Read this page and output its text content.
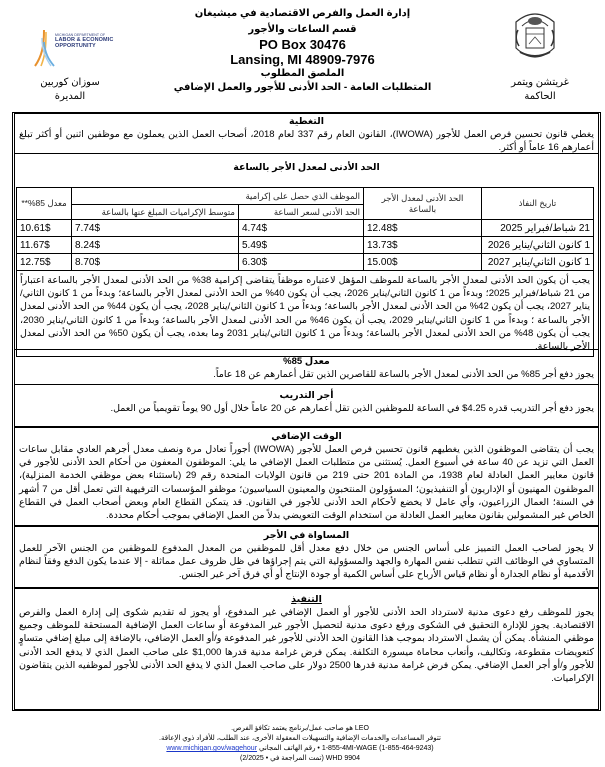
MICHIGAN DEPARTMENT OF
LABOR & ECONOMIC
OPPORTUNITY
سوزان كوربين
المديرة
إدارة العمل والفرص الاقتصادية في ميشيغان
قسم الساعات والأجور
PO Box 30476
Lansing, MI 48909-7976
الملصق المطلوب
المتطلبات العامة - الحد الأدنى للأجور والعمل الإضافي	غريتشن ويتمر
الحاكمة
التغطية
يغطي قانون تحسين فرص العمل للأجور (IWOWA)، القانون العام رقم 337 لعام 2018، أصحاب العمل الذين يعملون مع موظفين اثنين أو أكثر تبلغ أعمارهم 16 عاماً أو أكثر.
الحد الأدنى لمعدل الأجر بالساعة
تاريخ النفاذ	الحد الأدنى لمعدل الأجر بالساعة	الموظف الذي حصل على إكرامية		معدل 85%**
		الحد الأدنى لسعر الساعة	متوسط الإكراميات المبلغ عنها بالساعة	
21 شباط/فبراير 2025	12.48$	4.74$	7.74$	10.61$
1 كانون الثاني/يناير 2026	13.73$	5.49$	8.24$	11.67$
1 كانون الثاني/يناير 2027	15.00$	6.30$	8.70$	12.75$
يجب أن يكون الحد الأدنى لمعدل الأجر بالساعة للموظف المؤهل لاعتباره موظفاً يتقاضى إكرامية 38% من الحد الأدنى لمعدل الأجر بالساعة اعتباراً من 21 شباط/فبراير 2025؛ وبدءاً من 1 كانون الثاني/يناير 2026، يجب أن يكون 40% من الحد الأدنى لمعدل الأجر بالساعة؛ وبدءاً من 1 كانون الثاني/يناير 2027، يجب أن يكون 42% من الحد الأدنى لمعدل الأجر بالساعة؛ وبدءاً من 1 كانون الثاني/يناير 2028، يجب أن يكون 44% من الحد الأدنى لمعدل الأجر بالساعة ؛ وبدءاً من 1 كانون الثاني/يناير 2029، يجب أن يكون 46% من الحد الأدنى لمعدل الأجر بالساعة؛ وبدءاً من 1 كانون الثاني/يناير 2030، يجب أن يكون 48% من الحد الأدنى لمعدل الأجر بالساعة؛ وبدءاً من 1 كانون الثاني/يناير 2031 وما بعده، يجب أن يكون 50% من الحد الأدنى لمعدل الأجر بالساعة.				
معدل 85%
يجوز دفع أجر 85% من الحد الأدنى لمعدل الأجر بالساعة للقاصرين الذين تقل أعمارهم عن 18 عاماً.
أجر التدريب
يجوز دفع أجر التدريب قدره 4.25$ في الساعة للموظفين الذين تقل أعمارهم عن 20 عاماً خلال أول 90 يوماً تقويمياً من العمل.
الوقت الإضافي
يجب أن يتقاضى الموظفون الذين يغطيهم قانون تحسين فرص العمل للأجور (IWOWA) أجوراً تعادل مرة ونصف معدل أجرهم العادي مقابل ساعات العمل التي تزيد عن 40 ساعة في أسبوع العمل. يُستثنى من متطلبات العمل الإضافي ما يلي: الموظفون المعفون من أحكام الحد الأدنى للأجور في قانون معايير العمل العادلة لعام 1938، من المادة 201 حتى 219 من قانون الولايات المتحدة رقم 29 (باستثناء بعض موظفي الخدمة المنزلية)، الموظفون المهنيون أو الإداريون أو التنفيذيون؛ المسؤولون المنتخبون والمعينون السياسيون؛ موظفو المؤسسات الترفيهية التي تعمل أقل من 7 أشهر في السنة؛ العمال الزراعيون، وأي عامل لا يخضع لأحكام الحد الأدنى للأجور في القانون. قد يتمكن القطاع العام وبعض أصحاب العمل في القطاع الخاص غير المشمولين بقانون معايير العمل العادلة من استخدام الوقت التعويضي بدلاً من العمل الإضافي بموجب أحكام محددة.
المساواة في الأجر
لا يجوز لصاحب العمل التمييز على أساس الجنس من خلال دفع معدل أقل للموظفين من المعدل المدفوع للموظفين من الجنس الآخر للعمل المتساوي في الوظائف التي تتطلب نفس المهارة والجهد والمسؤولية التي يتم إجراؤها في ظل ظروف عمل مماثلة - إلا عندما يكون الدفع وفقاً لنظام الأقدمية أو نظام الجدارة أو نظام قياس الأرباح على أساس الكمية أو جودة الإنتاج أو أي فرق آخر غير الجنس.
التنفيذ
يجوز للموظف رفع دعوى مدنية لاسترداد الحد الأدنى للأجور أو العمل الإضافي غير المدفوع، أو يجوز له تقديم شكوى إلى إدارة العمل والفرص الاقتصادية. يجوز للإدارة التحقيق في الشكوى ورفع دعوى مدنية لتحصيل الأجور غير المدفوعة أو ساعات العمل الإضافية المستحقة للموظف وجميع موظفي المنشأة. يمكن أن يشمل الاسترداد بموجب هذا القانون الحد الأدنى للأجور غير المدفوعة و/أو العمل الإضافي، بالإضافة إلى مبلغ إضافي متساوٍ كتعويضات مقطوعة، وتكاليف، وأتعاب محاماة ميسورة التكلفة. يمكن فرض غرامة مدنية قدرها 1,000$ على صاحب العمل الذي لا يدفع الحد الأدنى للأجور و/أو أجر العمل الإضافي. يمكن فرض غرامة مدنية قدرها 2500 دولار على صاحب العمل الذي لا يدفع الحد الأدنى للأجور لموظفيه الذين يتقاضون الإكراميات.
LEO هو صاحب عمل/برنامج يعتمد تكافؤ الفرص.
تتوفر المساعدات والخدمات الإضافية والتسهيلات المعقولة الأخرى، عند الطلب، للأفراد ذوي الإعاقة.
1-855-4MI-WAGE (1-855-464-9243) • رقم الهاتف المجاني www.michigan.gov/wagehour
WHD 9904 (تمت المراجعة في • 2/2025)
